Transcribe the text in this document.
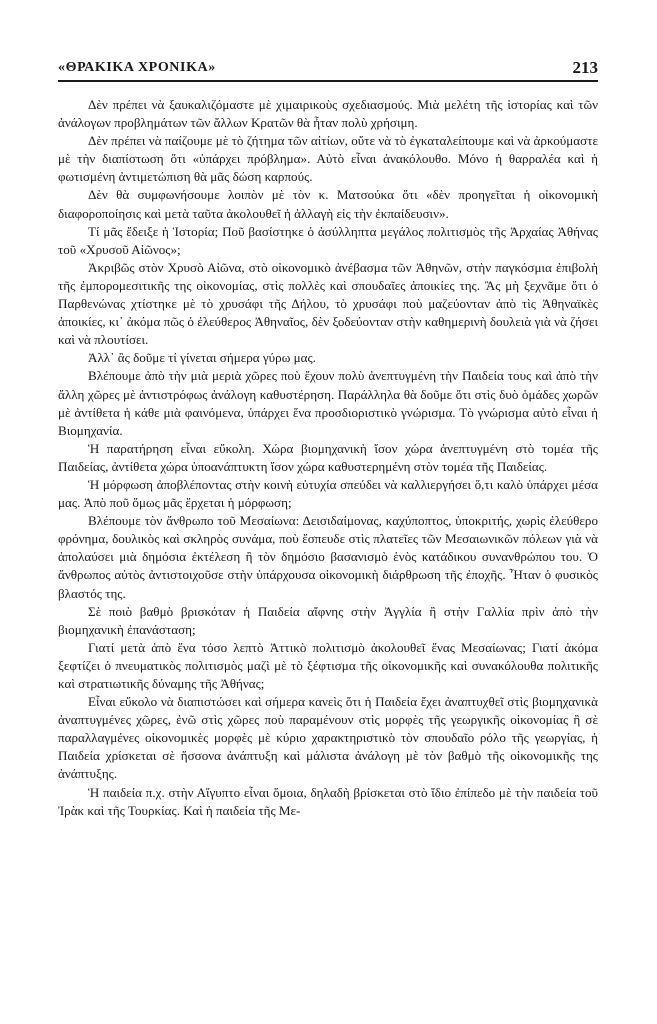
«ΘΡΑΚΙΚΑ ΧΡΟΝΙΚΑ»	213

Δὲν πρέπει νὰ ξαυκαλιζόμαστε μὲ χιμαιρικοὺς σχεδιασμούς. Μιὰ μελέτη τῆς ἱστορίας καὶ τῶν ἀνάλογων προβλημάτων τῶν ἄλλων Κρατῶν θὰ ἦταν πολὺ χρήσιμη.

Δὲν πρέπει νὰ παίζουμε μὲ τὸ ζήτημα τῶν αἰτίων, οὔτε νὰ τὸ ἐγκαταλείπουμε καὶ νὰ ἀρκούμαστε μὲ τὴν διαπίστωση ὅτι «ὑπάρχει πρόβλημα». Αὐτὸ εἶναι ἀνακόλουθο. Μόνο ἡ θαρραλέα καὶ ἡ φωτισμένη ἀντιμετώπιση θὰ μᾶς δώση καρπούς.

Δὲν θὰ συμφωνήσουμε λοιπὸν μὲ τὸν κ. Ματσούκα ὅτι «δὲν προηγεῖται ἡ οἰκονομικὴ διαφοροποίησις καὶ μετὰ ταῦτα ἀκολουθεῖ ἡ ἀλλαγὴ εἰς τὴν ἐκπαίδευσιν».

Τί μᾶς ἔδειξε ἡ Ἱστορία; Ποῦ βασίστηκε ὁ ἀσύλληπτα μεγάλος πολιτισμὸς τῆς Ἀρχαίας Ἀθήνας τοῦ «Χρυσοῦ Αἰῶνος»;

Ἀκριβῶς στὸν Χρυσὸ Αἰῶνα, στὸ οἰκονομικὸ ἀνέβασμα τῶν Ἀθηνῶν, στὴν παγκόσμια ἐπιβολὴ τῆς ἐμπορομεσιτικῆς της οἰκονομίας, στὶς πολλὲς καὶ σπουδαῖες ἀποικίες της. Ἂς μὴ ξεχνᾶμε ὅτι ὁ Παρθενώνας χτίστηκε μὲ τὸ χρυσάφι τῆς Δήλου, τὸ χρυσάφι ποὺ μαζεύονταν ἀπὸ τὶς Ἀθηναϊκὲς ἀποικίες, κι᾽ ἀκόμα πῶς ὁ ἐλεύθερος Ἀθηναῖος, δὲν ξοδεύονταν στὴν καθημερινὴ δουλειὰ γιὰ νὰ ζήσει καὶ νὰ πλουτίσει.

Ἀλλ᾽ ἂς δοῦμε τί γίνεται σήμερα γύρω μας.

Βλέπουμε ἀπὸ τὴν μιὰ μεριὰ χῶρες ποὺ ἔχουν πολὺ ἀνεπτυγμένη τὴν Παιδεία τους καὶ ἀπὸ τὴν ἄλλη χῶρες μὲ ἀντιστρόφως ἀνάλογη καθυστέρηση. Παράλληλα θὰ δοῦμε ὅτι στὶς δυὸ ὁμάδες χωρῶν μὲ ἀντίθετα ἡ κάθε μιὰ φαινόμενα, ὑπάρχει ἕνα προσδιοριστικὸ γνώρισμα. Τὸ γνώρισμα αὐτὸ εἶναι ἡ Βιομηχανία.

Ἡ παρατήρηση εἶναι εὔκολη. Χώρα βιομηχανικὴ ἴσον χώρα ἀνεπτυγμένη στὸ τομέα τῆς Παιδείας, ἀντίθετα χώρα ὑποανάπτυκτη ἴσον χώρα καθυστερημένη στὸν τομέα τῆς Παιδείας.

Ἡ μόρφωση ἀποβλέποντας στὴν κοινὴ εὐτυχία σπεύδει νὰ καλλιεργήσει ὅ,τι καλὸ ὑπάρχει μέσα μας. Ἀπὸ ποῦ ὅμως μᾶς ἔρχεται ἡ μόρφωση;

Βλέπουμε τὸν ἄνθρωπο τοῦ Μεσαίωνα: Δεισιδαίμονας, καχύποπτος, ὑποκριτής, χωρὶς ἐλεύθερο φρόνημα, δουλικὸς καὶ σκληρὸς συνάμα, ποὺ ἔσπευδε στὶς πλατεῖες τῶν Μεσαιωνικῶν πόλεων γιὰ νὰ ἀπολαύσει μιὰ δημόσια ἐκτέλεση ἢ τὸν δημόσιο βασανισμὸ ἑνὸς κατάδικου συνανθρώπου του. Ὁ ἄνθρωπος αὐτὸς ἀντιστοιχοῦσε στὴν ὑπάρχουσα οἰκονομικὴ διάρθρωση τῆς ἐποχῆς. Ἦταν ὁ φυσικὸς βλαστός της.

Σὲ ποιὸ βαθμὸ βρισκόταν ἡ Παιδεία αἴφνης στὴν Ἀγγλία ἢ στὴν Γαλλία πρὶν ἀπὸ τὴν βιομηχανικὴ ἐπανάσταση;

Γιατί μετὰ ἀπὸ ἕνα τόσο λεπτὸ Ἀττικὸ πολιτισμὸ ἀκολουθεῖ ἕνας Μεσαίωνας; Γιατί ἀκόμα ξεφτίζει ὁ πνευματικὸς πολιτισμὸς μαζὶ μὲ τὸ ξέφτισμα τῆς οἰκονομικῆς καὶ συνακόλουθα πολιτικῆς καὶ στρατιωτικῆς δύναμης τῆς Ἀθήνας;

Εἶναι εὔκολο νὰ διαπιστώσει καὶ σήμερα κανεὶς ὅτι ἡ Παιδεία ἔχει ἀναπτυχθεῖ στὶς βιομηχανικὰ ἀναπτυγμένες χῶρες, ἐνῶ στὶς χῶρες ποὺ παραμένουν στὶς μορφὲς τῆς γεωργικῆς οἰκονομίας ἢ σὲ παραλλαγμένες οἰκονομικὲς μορφὲς μὲ κύριο χαρακτηριστικὸ τὸν σπουδαῖο ρόλο τῆς γεωργίας, ἡ Παιδεία χρίσκεται σὲ ἥσσονα ἀνάπτυξη καὶ μάλιστα ἀνάλογη μὲ τὸν βαθμὸ τῆς οἰκονομικῆς της ἀνάπτυξης.

Ἡ παιδεία π.χ. στὴν Αἴγυπτο εἶναι ὅμοια, δηλαδὴ βρίσκεται στὸ ἴδιο ἐπίπεδο μὲ τὴν παιδεία τοῦ Ἰρὰκ καὶ τῆς Τουρκίας. Καὶ ἡ παιδεία τῆς Με-
